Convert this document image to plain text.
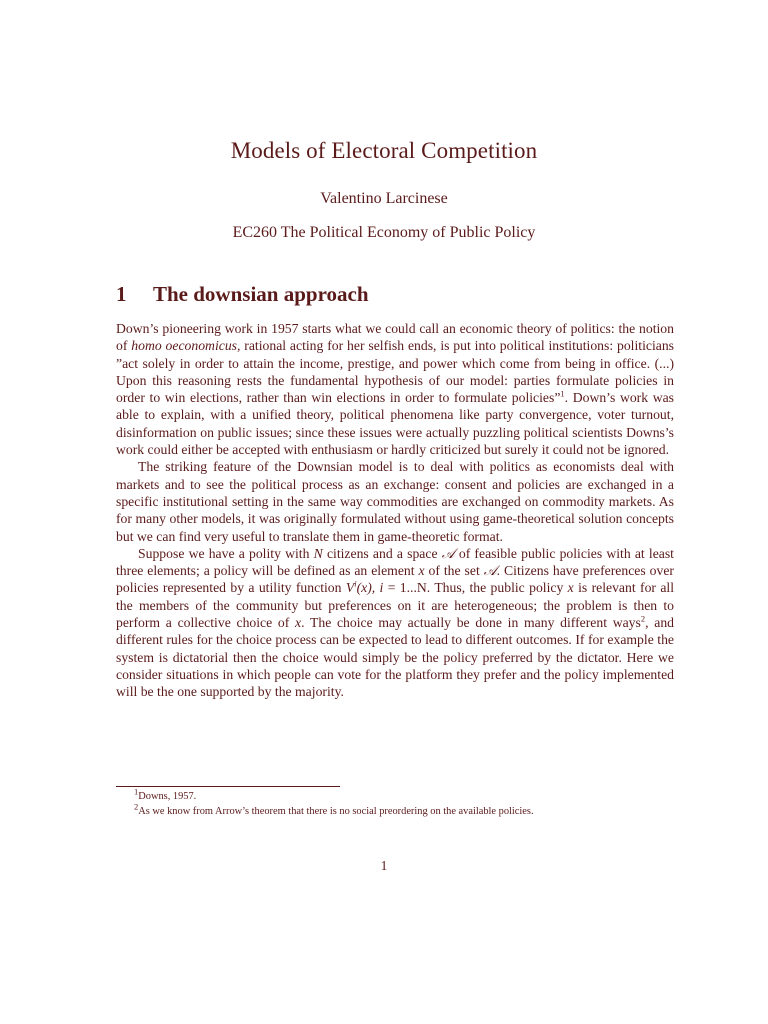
Models of Electoral Competition
Valentino Larcinese
EC260 The Political Economy of Public Policy
1 The downsian approach

Down’s pioneering work in 1957 starts what we could call an economic theory of politics: the notion of homo oeconomicus, rational acting for her selfish ends, is put into political institutions: politicians ”act solely in order to attain the income, prestige, and power which come from being in office. (...) Upon this reasoning rests the fundamental hypothesis of our model: parties formulate policies in order to win elections, rather than win elections in order to formulate policies”$^1$. Down’s work was able to explain, with a unified theory, political phenomena like party convergence, voter turnout, disinformation on public issues; since these issues were actually puzzling political scientists Downs’s work could either be accepted with enthusiasm or hardly criticized but surely it could not be ignored.

The striking feature of the Downsian model is to deal with politics as economists deal with markets and to see the political process as an exchange: consent and policies are exchanged in a specific institutional setting in the same way commodities are exchanged on commodity markets. As for many other models, it was originally formulated without using game-theoretical solution concepts but we can find very useful to translate them in game-theoretic format.

Suppose we have a polity with N citizens and a space 𝒜 of feasible public policies with at least three elements; a policy will be defined as an element x of the set 𝒜. Citizens have preferences over policies represented by a utility function $V^i(x)$, i = 1...N. Thus, the public policy x is relevant for all the members of the community but preferences on it are heterogeneous; the problem is then to perform a collective choice of x. The choice may actually be done in many different ways$^2$, and different rules for the choice process can be expected to lead to different outcomes. If for example the system is dictatorial then the choice would simply be the policy preferred by the dictator. Here we consider situations in which people can vote for the platform they prefer and the policy implemented will be the one supported by the majority.

$^1$Downs, 1957.
$^2$As we know from Arrow’s theorem that there is no social preordering on the available policies.
1
